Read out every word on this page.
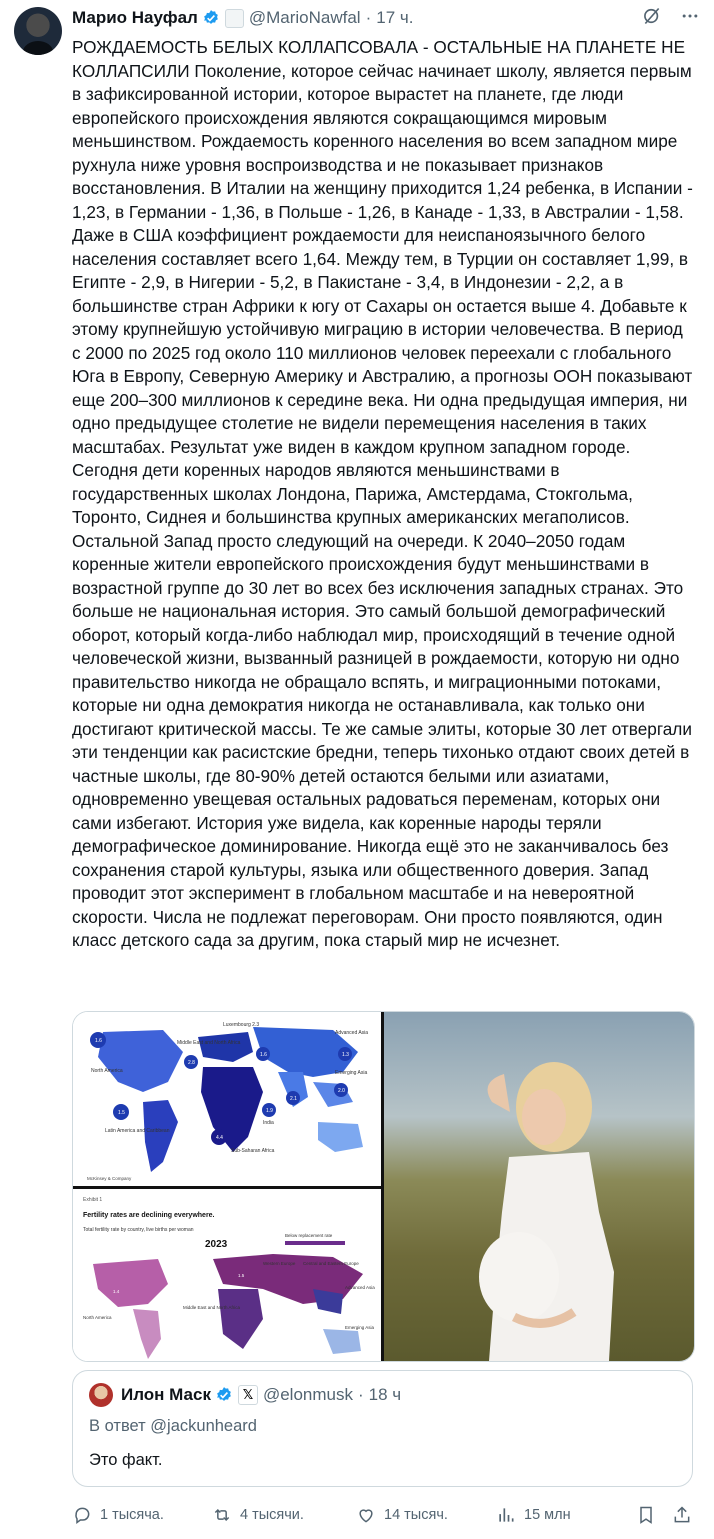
Марио Науфал	@MarioNawfal · 17 ч.

РОЖДАЕМОСТЬ БЕЛЫХ КОЛЛАПСОВАЛА - ОСТАЛЬНЫЕ НА ПЛАНЕТЕ НЕ КОЛЛАПСИЛИ Поколение, которое сейчас начинает школу, является первым в зафиксированной истории, которое вырастет на планете, где люди европейского происхождения являются сокращающимся мировым меньшинством. Рождаемость коренного населения во всем западном мире рухнула ниже уровня воспроизводства и не показывает признаков восстановления. В Италии на женщину приходится 1,24 ребенка, в Испании - 1,23, в Германии - 1,36, в Польше - 1,26, в Канаде - 1,33, в Австралии - 1,58. Даже в США коэффициент рождаемости для неиспаноязычного белого населения составляет всего 1,64. Между тем, в Турции он составляет 1,99, в Египте - 2,9, в Нигерии - 5,2, в Пакистане - 3,4, в Индонезии - 2,2, а в большинстве стран Африки к югу от Сахары он остается выше 4. Добавьте к этому крупнейшую устойчивую миграцию в истории человечества. В период с 2000 по 2025 год около 110 миллионов человек переехали с глобального Юга в Европу, Северную Америку и Австралию, а прогнозы ООН показывают еще 200–300 миллионов к середине века. Ни одна предыдущая империя, ни одно предыдущее столетие не видели перемещения населения в таких масштабах. Результат уже виден в каждом крупном западном городе. Сегодня дети коренных народов являются меньшинствами в государственных школах Лондона, Парижа, Амстердама, Стокгольма, Торонто, Сиднея и большинства крупных американских мегаполисов. Остальной Запад просто следующий на очереди. К 2040–2050 годам коренные жители европейского происхождения будут меньшинствами в возрастной группе до 30 лет во всех без исключения западных странах. Это больше не национальная история. Это самый большой демографический оборот, который когда-либо наблюдал мир, происходящий в течение одной человеческой жизни, вызванный разницей в рождаемости, которую ни одно правительство никогда не обращало вспять, и миграционными потоками, которые ни одна демократия никогда не останавливала, как только они достигают критической массы. Те же самые элиты, которые 30 лет отвергали эти тенденции как расистские бредни, теперь тихонько отдают своих детей в частные школы, где 80-90% детей остаются белыми или азиатами, одновременно увещевая остальных радоваться переменам, которых они сами избегают. История уже видела, как коренные народы теряли демографическое доминирование. Никогда ещё это не заканчивалось без сохранения старой культуры, языка или общественного доверия. Запад проводит этот эксперимент в глобальном масштабе и на невероятной скорости. Числа не подлежат переговорам. Они просто появляются, один класс детского сада за другим, пока старый мир не исчезнет.

North America
Middle East and North Africa
Advanced Asia
Emerging Asia
India
Latin America and Caribbean
Sub-Saharan Africa
Luxembourg 2.3
1.6
2.8
1.6
2.0
1.9
1.5
4.4
2.1
1.3
McKinsey & Company
Exhibit 1
Fertility rates are declining everywhere.
Total fertility rate by country, live births per woman
2023
Below replacement rate
Western Europe Central and Eastern Europe
Middle East and North Africa
North America
Advanced Asia
Emerging Asia
1.4
1.5
Илон Маск	𝕏 @elonmusk · 18 ч
В ответ @jackunheard
Это факт.
1 тысяча.	4 тысячи.	14 тысяч.	15 млн
